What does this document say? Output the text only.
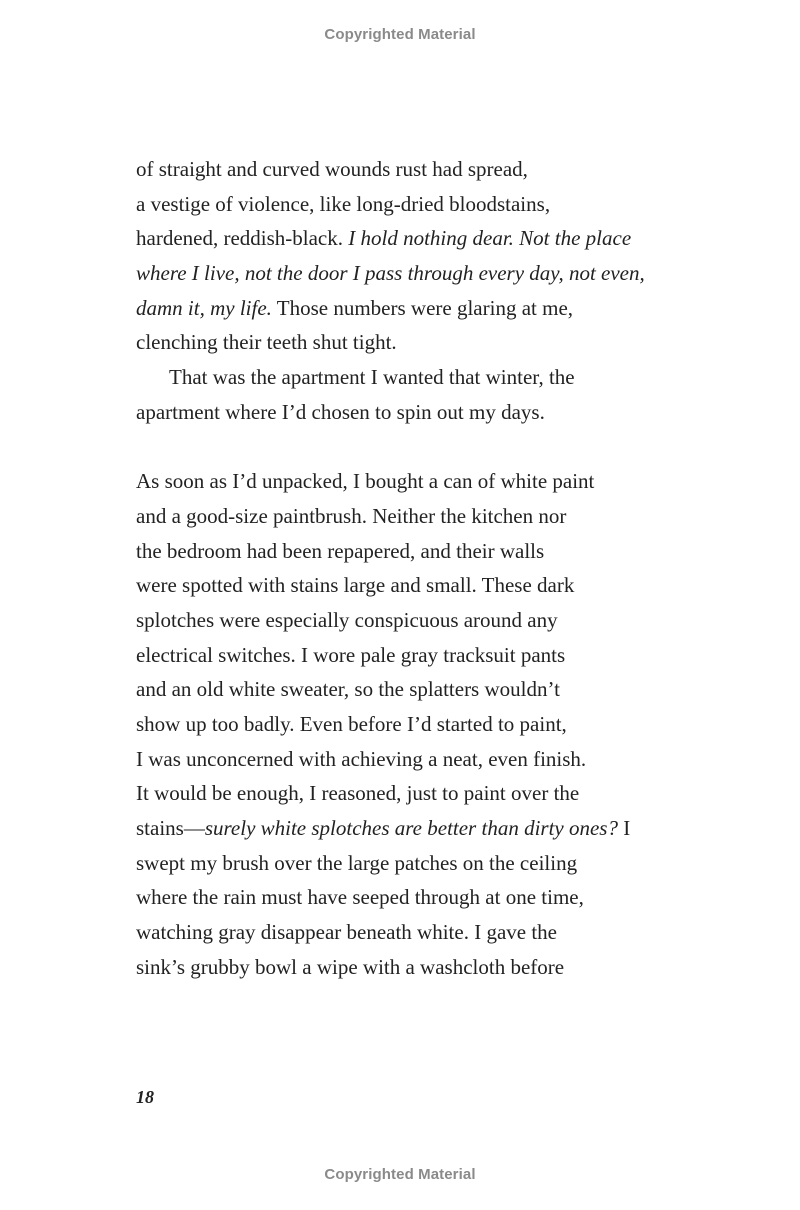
Copyrighted Material
of straight and curved wounds rust had spread,
a vestige of violence, like long-dried bloodstains,
hardened, reddish-black. I hold nothing dear. Not the place
where I live, not the door I pass through every day, not even,
damn it, my life. Those numbers were glaring at me,
clenching their teeth shut tight.
That was the apartment I wanted that winter, the
apartment where I’d chosen to spin out my days.
As soon as I’d unpacked, I bought a can of white paint
and a good-size paintbrush. Neither the kitchen nor
the bedroom had been repapered, and their walls
were spotted with stains large and small. These dark
splotches were especially conspicuous around any
electrical switches. I wore pale gray tracksuit pants
and an old white sweater, so the splatters wouldn’t
show up too badly. Even before I’d started to paint,
I was unconcerned with achieving a neat, even finish.
It would be enough, I reasoned, just to paint over the
stains—surely white splotches are better than dirty ones? I
swept my brush over the large patches on the ceiling
where the rain must have seeped through at one time,
watching gray disappear beneath white. I gave the
sink’s grubby bowl a wipe with a washcloth before
18
Copyrighted Material
